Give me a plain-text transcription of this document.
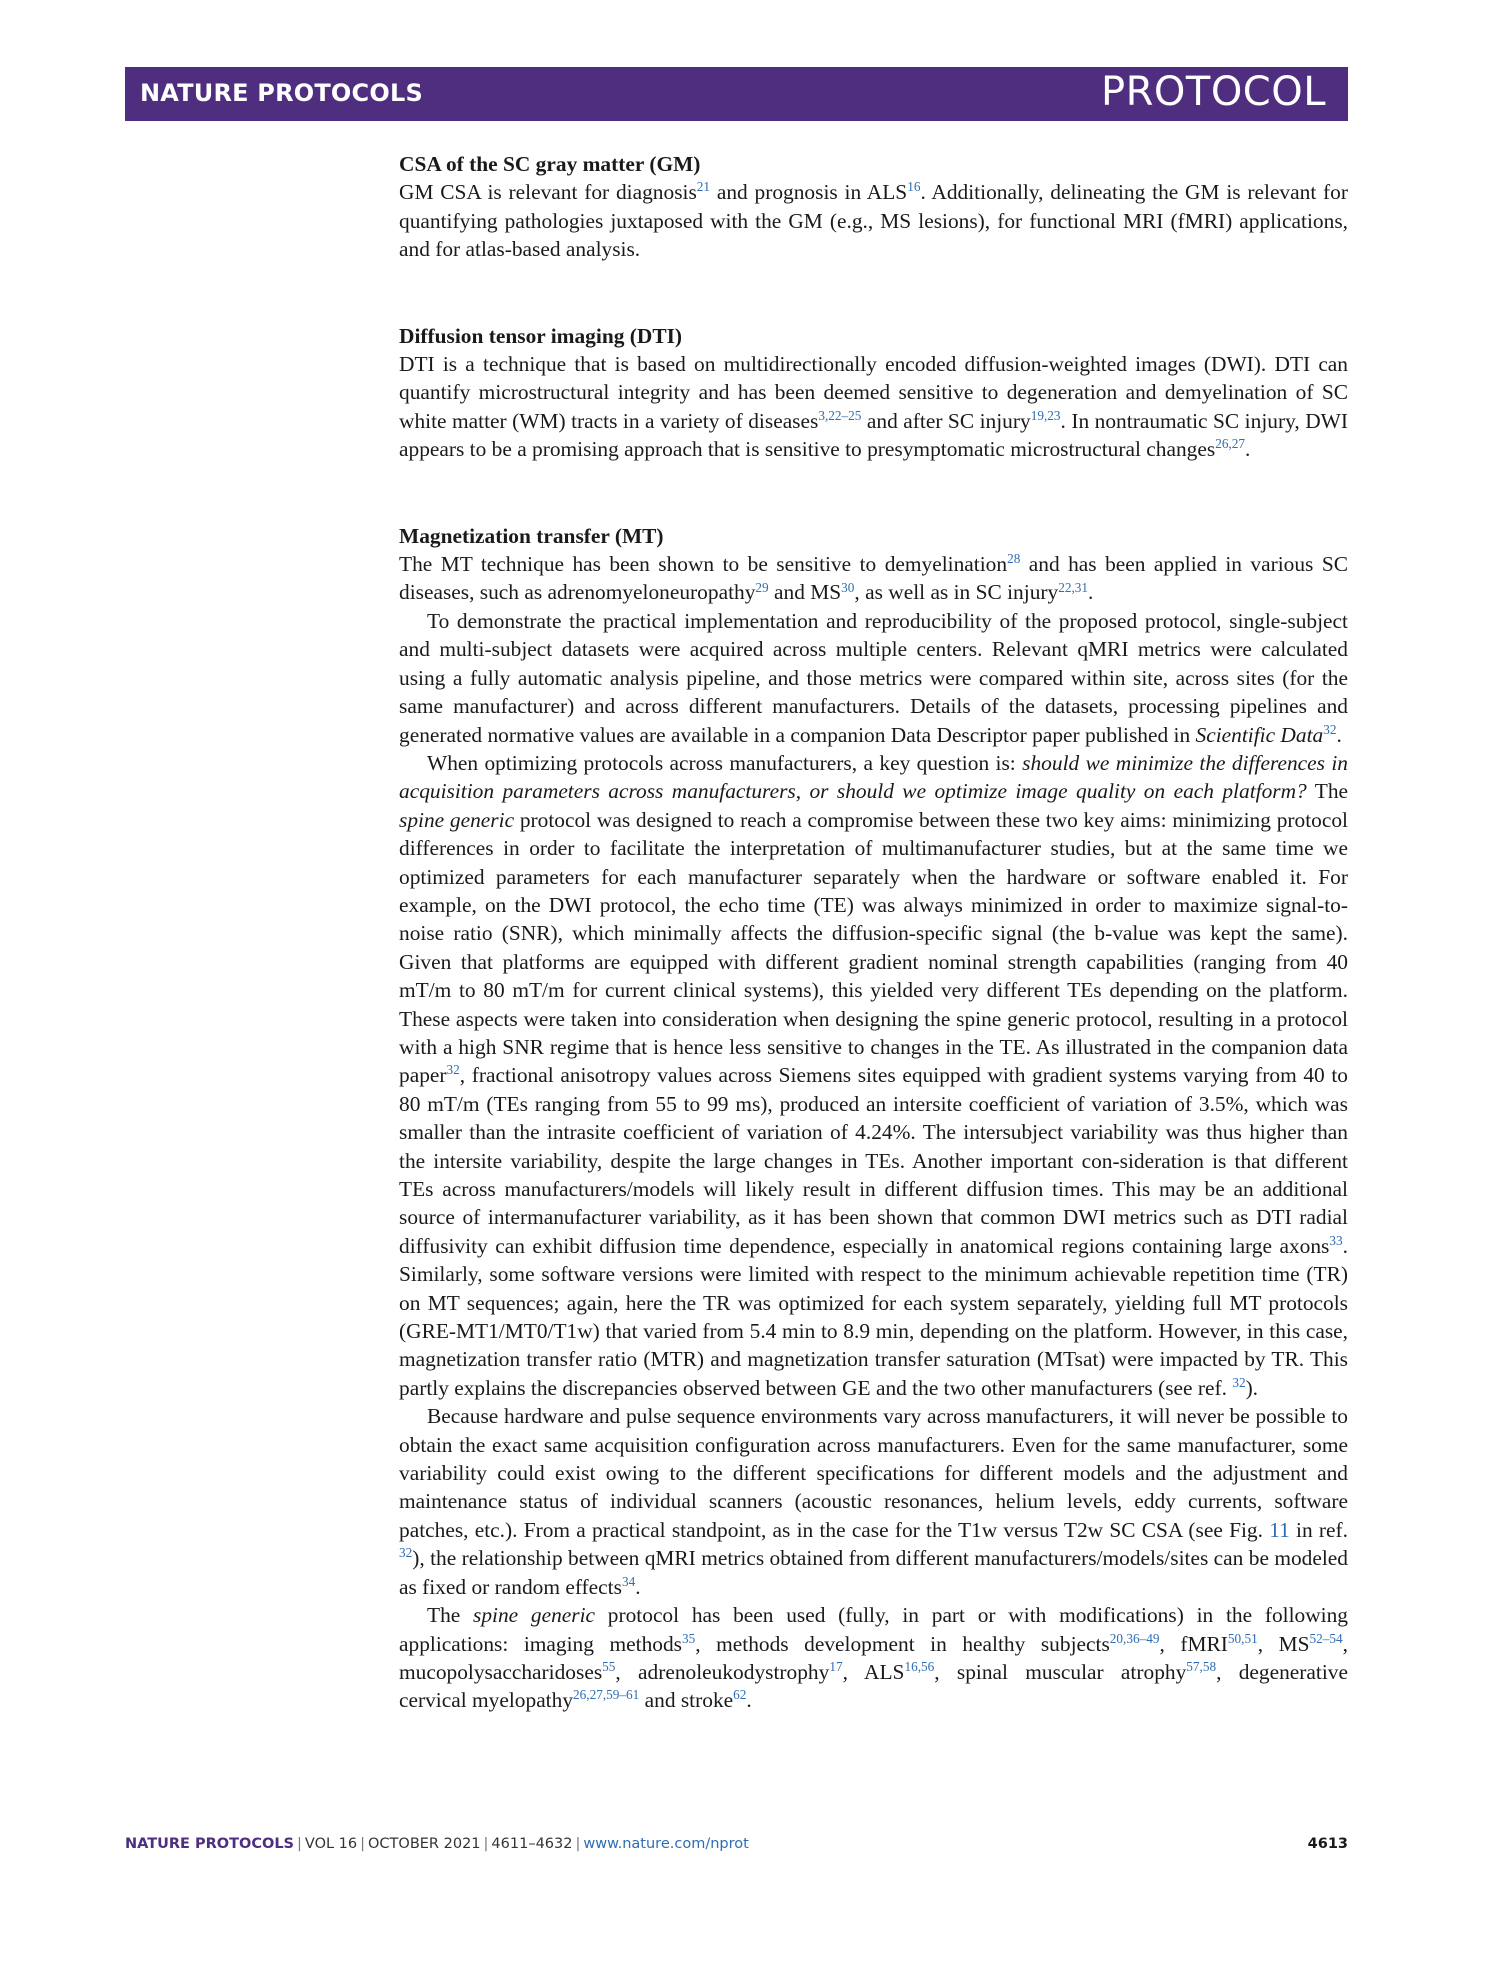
NATURE PROTOCOLS	PROTOCOL
CSA of the SC gray matter (GM)

GM CSA is relevant for diagnosis$^{21}$ and prognosis in ALS$^{16}$. Additionally, delineating the GM is relevant for quantifying pathologies juxtaposed with the GM (e.g., MS lesions), for functional MRI (fMRI) applications, and for atlas-based analysis.

Diffusion tensor imaging (DTI)

DTI is a technique that is based on multidirectionally encoded diffusion-weighted images (DWI). DTI can quantify microstructural integrity and has been deemed sensitive to degeneration and demyelination of SC white matter (WM) tracts in a variety of diseases$^{3,22-25}$ and after SC injury$^{19,23}$. In nontraumatic SC injury, DWI appears to be a promising approach that is sensitive to presymptomatic microstructural changes$^{26,27}$.

Magnetization transfer (MT)

The MT technique has been shown to be sensitive to demyelination$^{28}$ and has been applied in various SC diseases, such as adrenomyeloneuropathy$^{29}$ and MS$^{30}$, as well as in SC injury$^{22,31}$.

To demonstrate the practical implementation and reproducibility of the proposed protocol, single-subject and multi-subject datasets were acquired across multiple centers. Relevant qMRI metrics were calculated using a fully automatic analysis pipeline, and those metrics were compared within site, across sites (for the same manufacturer) and across different manufacturers. Details of the datasets, processing pipelines and generated normative values are available in a companion Data Descriptor paper published in Scientific Data$^{32}$.

When optimizing protocols across manufacturers, a key question is: should we minimize the differences in acquisition parameters across manufacturers, or should we optimize image quality on each platform? The spine generic protocol was designed to reach a compromise between these two key aims: minimizing protocol differences in order to facilitate the interpretation of multimanufacturer studies, but at the same time we optimized parameters for each manufacturer separately when the hardware or software enabled it. For example, on the DWI protocol, the echo time (TE) was always minimized in order to maximize signal-to-noise ratio (SNR), which minimally affects the diffusion-specific signal (the b-value was kept the same). Given that platforms are equipped with different gradient nominal strength capabilities (ranging from 40 mT/m to 80 mT/m for current clinical systems), this yielded very different TEs depending on the platform. These aspects were taken into consideration when designing the spine generic protocol, resulting in a protocol with a high SNR regime that is hence less sensitive to changes in the TE. As illustrated in the companion data paper$^{32}$, fractional anisotropy values across Siemens sites equipped with gradient systems varying from 40 to 80 mT/m (TEs ranging from 55 to 99 ms), produced an intersite coefficient of variation of 3.5%, which was smaller than the intrasite coefficient of variation of 4.24%. The intersubject variability was thus higher than the intersite variability, despite the large changes in TEs. Another important con-sideration is that different TEs across manufacturers/models will likely result in different diffusion times. This may be an additional source of intermanufacturer variability, as it has been shown that common DWI metrics such as DTI radial diffusivity can exhibit diffusion time dependence, especially in anatomical regions containing large axons$^{33}$. Similarly, some software versions were limited with respect to the minimum achievable repetition time (TR) on MT sequences; again, here the TR was optimized for each system separately, yielding full MT protocols (GRE-MT1/MT0/T1w) that varied from 5.4 min to 8.9 min, depending on the platform. However, in this case, magnetization transfer ratio (MTR) and magnetization transfer saturation (MTsat) were impacted by TR. This partly explains the discrepancies observed between GE and the two other manufacturers (see ref. $^{32}$).

Because hardware and pulse sequence environments vary across manufacturers, it will never be possible to obtain the exact same acquisition configuration across manufacturers. Even for the same manufacturer, some variability could exist owing to the different specifications for different models and the adjustment and maintenance status of individual scanners (acoustic resonances, helium levels, eddy currents, software patches, etc.). From a practical standpoint, as in the case for the T1w versus T2w SC CSA (see Fig. 11 in ref. $^{32}$), the relationship between qMRI metrics obtained from different manufacturers/models/sites can be modeled as fixed or random effects$^{34}$.

The spine generic protocol has been used (fully, in part or with modifications) in the following applications: imaging methods$^{35}$, methods development in healthy subjects$^{20,36-49}$, fMRI$^{50,51}$, MS$^{52-54}$, mucopolysaccharidoses$^{55}$, adrenoleukodystrophy$^{17}$, ALS$^{16,56}$, spinal muscular atrophy$^{57,58}$, degenerative cervical myelopathy$^{26,27,59-61}$ and stroke$^{62}$.

NATURE PROTOCOLS | VOL 16 | OCTOBER 2021 | 4611–4632 | www.nature.com/nprot	4613
